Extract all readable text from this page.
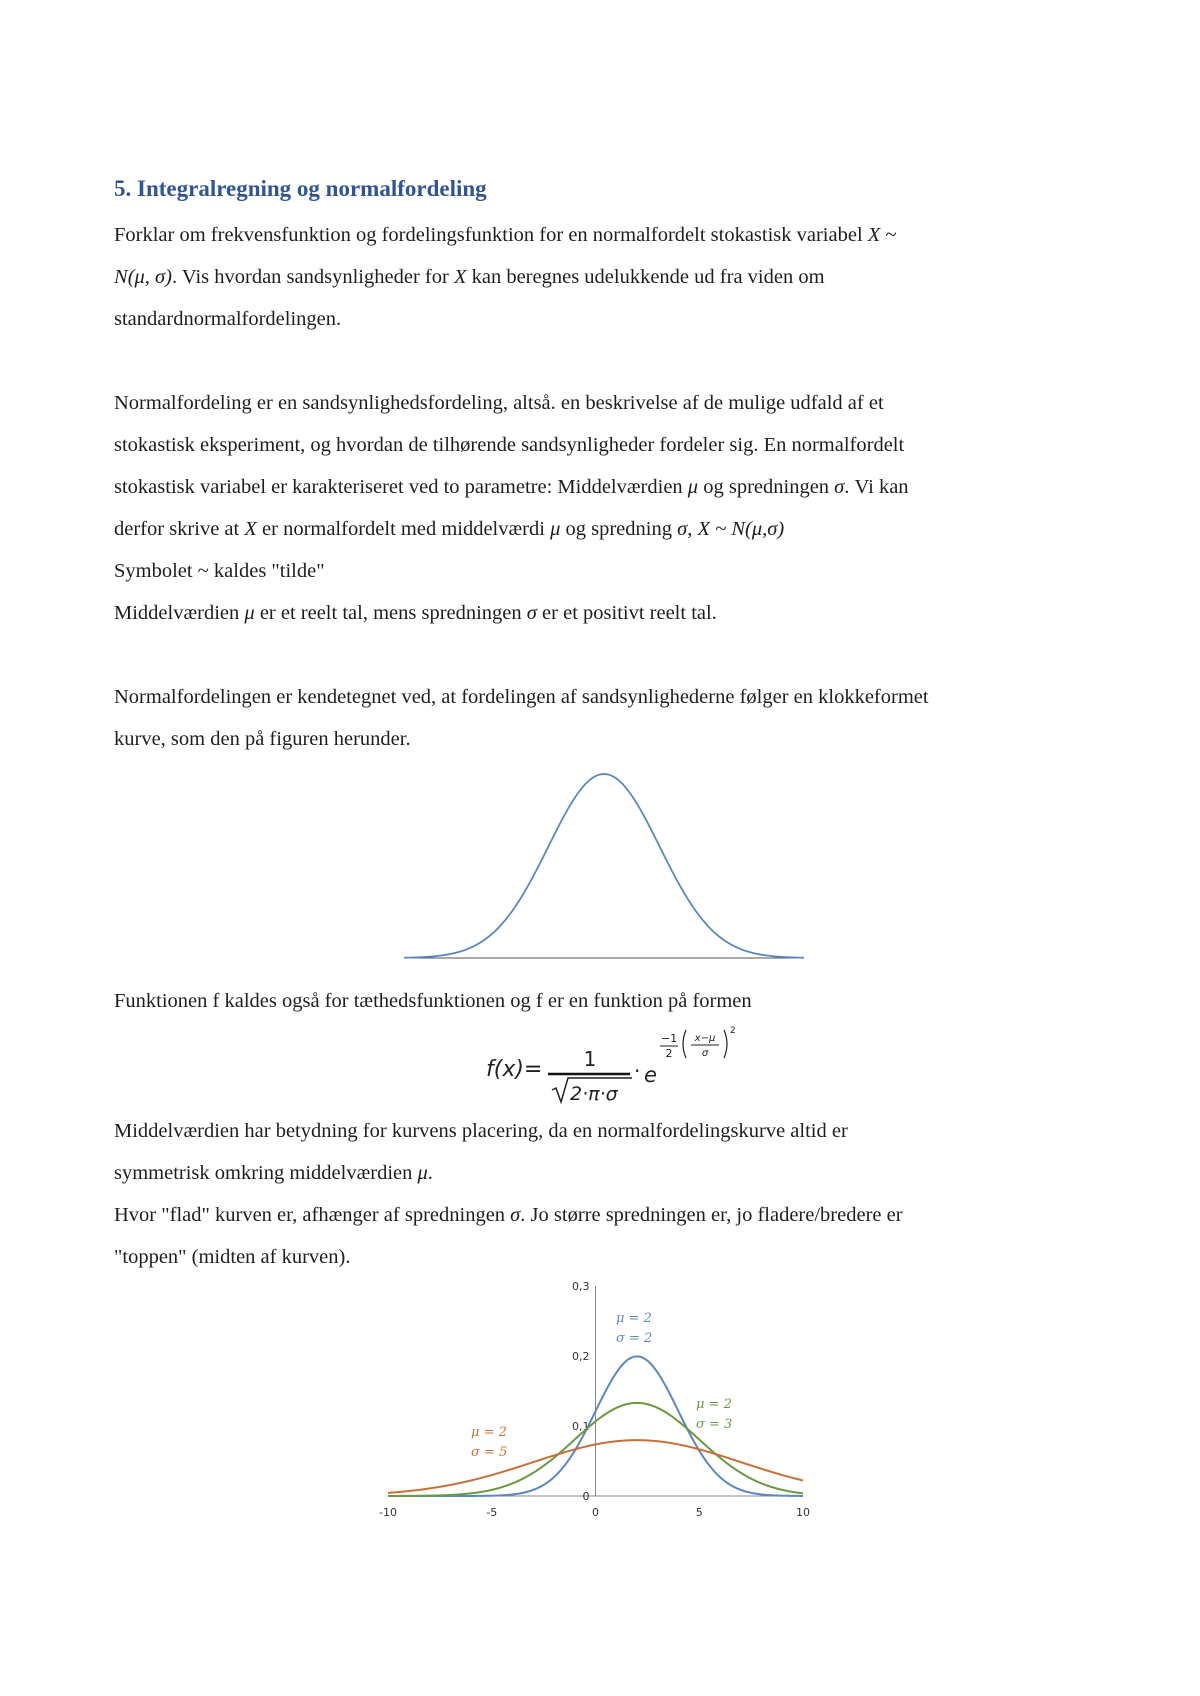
5. Integralregning og normalfordeling

Forklar om frekvensfunktion og fordelingsfunktion for en normalfordelt stokastisk variabel X ~

N(μ, σ). Vis hvordan sandsynligheder for X kan beregnes udelukkende ud fra viden om

standardnormalfordelingen.

Normalfordeling er en sandsynlighedsfordeling, altså. en beskrivelse af de mulige udfald af et

stokastisk eksperiment, og hvordan de tilhørende sandsynligheder fordeler sig. En normalfordelt

stokastisk variabel er karakteriseret ved to parametre: Middelværdien μ og spredningen σ. Vi kan

derfor skrive at X er normalfordelt med middelværdi μ og spredning σ, X ~ N(μ,σ)

Symbolet ~ kaldes "tilde"

Middelværdien μ er et reelt tal, mens spredningen σ er et positivt reelt tal.

Normalfordelingen er kendetegnet ved, at fordelingen af sandsynlighederne følger en klokkeformet

kurve, som den på figuren herunder.

Funktionen f kaldes også for tæthedsfunktionen og f er en funktion på formen

f(x)= 1
2·π·σ
· e
−1
2
x−μ
σ
2

Middelværdien har betydning for kurvens placering, da en normalfordelingskurve altid er

symmetrisk omkring middelværdien μ.

Hvor "flad" kurven er, afhænger af spredningen σ. Jo større spredningen er, jo fladere/bredere er

"toppen" (midten af kurven).

-10	-5	0	5	10
0
0,1
0,2
0,3
μ = 2
σ = 2
μ = 2
σ = 3
μ = 2
σ = 5
